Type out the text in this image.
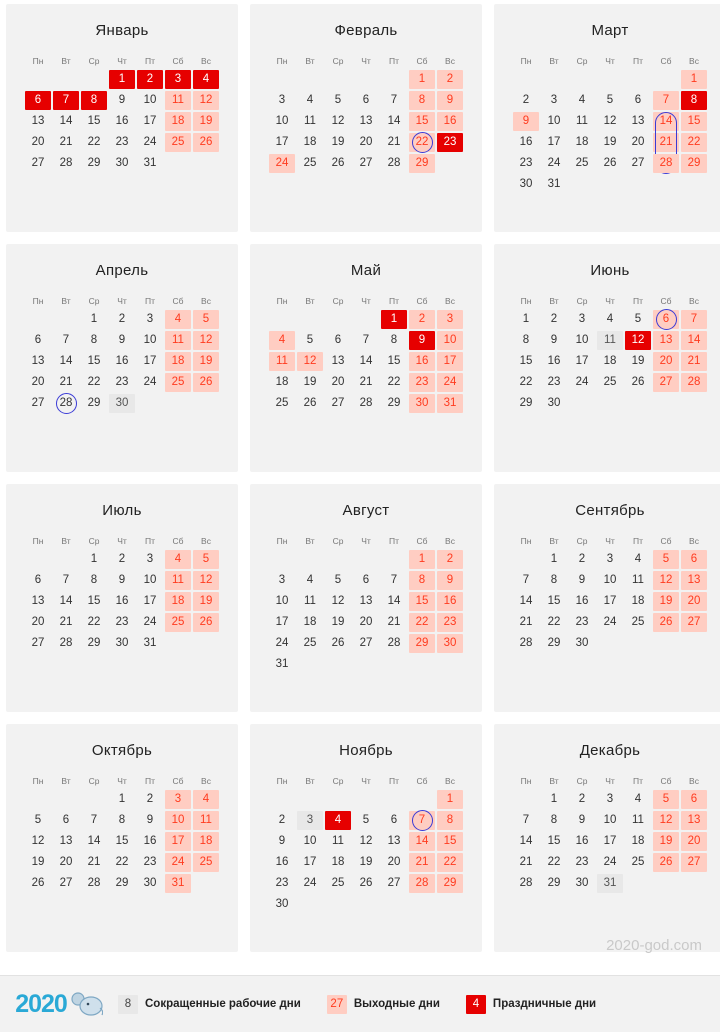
Январь
Пн	Вт	Ср	Чт	Пт	Сб	Вс

			1	2	3	4

6	7	8	9	10	11	12

13	14	15	16	17	18	19

20	21	22	23	24	25	26

27	28	29	30	31		

Февраль
Пн	Вт	Ср	Чт	Пт	Сб	Вс

					1	2

3	4	5	6	7	8	9

10	11	12	13	14	15	16

17	18	19	20	21	22	23

24	25	26	27	28	29	

Март
Пн	Вт	Ср	Чт	Пт	Сб	Вс

						1

2	3	4	5	6	7	8

9	10	11	12	13	14	15

16	17	18	19	20	21	22

23	24	25	26	27	28	29

30	31					

Апрель
Пн	Вт	Ср	Чт	Пт	Сб	Вс

		1	2	3	4	5

6	7	8	9	10	11	12

13	14	15	16	17	18	19

20	21	22	23	24	25	26

27	28	29	30			

Май
Пн	Вт	Ср	Чт	Пт	Сб	Вс

				1	2	3

4	5	6	7	8	9	10

11	12	13	14	15	16	17

18	19	20	21	22	23	24

25	26	27	28	29	30	31
Июнь
Пн	Вт	Ср	Чт	Пт	Сб	Вс

1	2	3	4	5	6	7

8	9	10	11	12	13	14

15	16	17	18	19	20	21

22	23	24	25	26	27	28

29	30					

Июль
Пн	Вт	Ср	Чт	Пт	Сб	Вс

		1	2	3	4	5

6	7	8	9	10	11	12

13	14	15	16	17	18	19

20	21	22	23	24	25	26

27	28	29	30	31		

Август
Пн	Вт	Ср	Чт	Пт	Сб	Вс

					1	2

3	4	5	6	7	8	9

10	11	12	13	14	15	16

17	18	19	20	21	22	23

24	25	26	27	28	29	30

31						

Сентябрь
Пн	Вт	Ср	Чт	Пт	Сб	Вс

	1	2	3	4	5	6

7	8	9	10	11	12	13

14	15	16	17	18	19	20

21	22	23	24	25	26	27

28	29	30				

Октябрь
Пн	Вт	Ср	Чт	Пт	Сб	Вс

			1	2	3	4

5	6	7	8	9	10	11

12	13	14	15	16	17	18

19	20	21	22	23	24	25

26	27	28	29	30	31	

Ноябрь
Пн	Вт	Ср	Чт	Пт	Сб	Вс

						1

2	3	4	5	6	7	8

9	10	11	12	13	14	15

16	17	18	19	20	21	22

23	24	25	26	27	28	29

30						

Декабрь
Пн	Вт	Ср	Чт	Пт	Сб	Вс

	1	2	3	4	5	6

7	8	9	10	11	12	13

14	15	16	17	18	19	20

21	22	23	24	25	26	27

28	29	30	31			

2020-god.com
2020	8	Сокращенные рабочие дни	27 Выходные дни	4	Праздничные дни
